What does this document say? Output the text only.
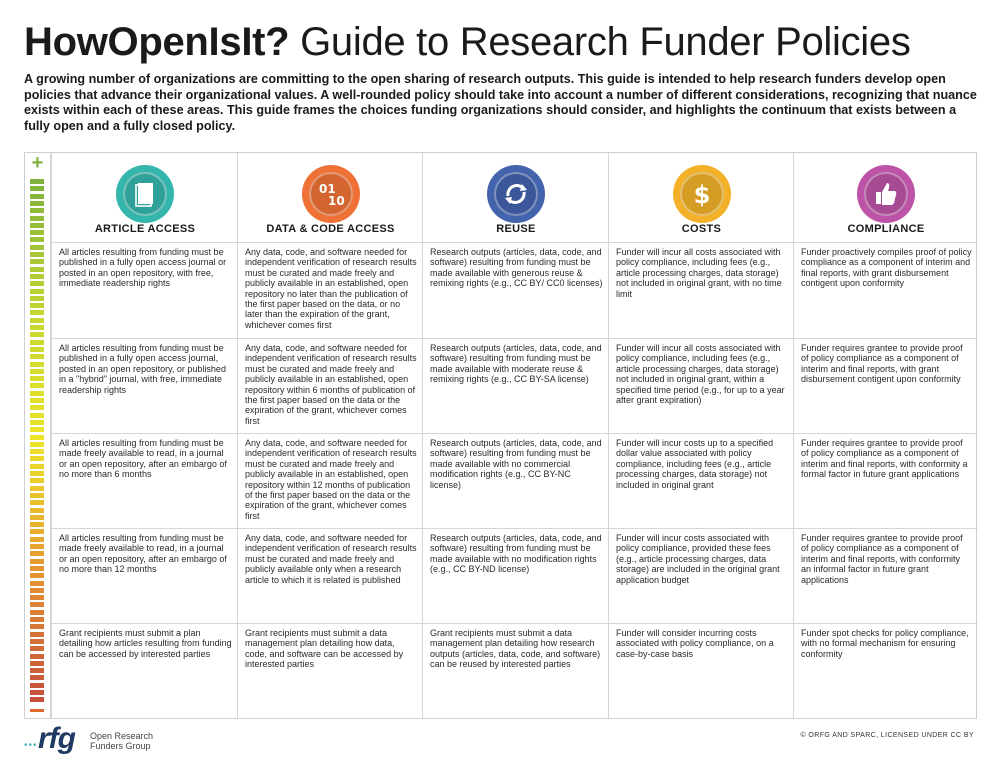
HowOpenIsIt? Guide to Research Funder Policies
A growing number of organizations are committing to the open sharing of research outputs. This guide is intended to help research funders develop open policies that advance their organizational values. A well-rounded policy should take into account a number of different considerations, recognizing that nuance exists within each of these areas. This guide frames the choices funding organizations should consider, and highlights the continuum that exists between a fully open and a fully closed policy.
+
ARTICLE ACCESS
All articles resulting from funding must be published in a fully open access journal or posted in an open repository, with free, immediate readership rights
All articles resulting from funding must be published in a fully open access journal, posted in an open repository, or published in a "hybrid" journal, with free, immediate readership rights
All articles resulting from funding must be made freely available to read, in a journal or an open repository, after an embargo of no more than 6 months
All articles resulting from funding must be made freely available to read, in a journal or an open repository, after an embargo of no more than 12 months
Grant recipients must submit a plan detailing how articles resulting from funding can be accessed by interested parties
01
10
DATA & CODE ACCESS
Any data, code, and software needed for independent verification of research results must be curated and made freely and publicly available in an established, open repository no later than the publication of the first paper based on the data, or no later than the expiration of the grant, whichever comes first
Any data, code, and software needed for independent verification of research results must be curated and made freely and publicly available in an established, open repository within 6 months of publication of the first paper based on the data or the expiration of the grant, whichever comes first
Any data, code, and software needed for independent verification of research results must be curated and made freely and publicly available in an established, open repository within 12 months of publication of the first paper based on the data or the expiration of the grant, whichever comes first
Any data, code, and software needed for independent verification of research results must be curated and made freely and publicly available only when a research article to which it is related is published
Grant recipients must submit a data management plan detailing how data, code, and software can be accessed by interested parties
REUSE
Research outputs (articles, data, code, and software) resulting from funding must be made available with generous reuse & remixing rights (e.g., CC BY/ CC0 licenses)
Research outputs (articles, data, code, and software) resulting from funding must be made available with moderate reuse & remixing rights (e.g., CC BY-SA license)
Research outputs (articles, data, code, and software) resulting from funding must be made available with no commercial modification rights (e.g., CC BY-NC license)
Research outputs (articles, data, code, and software) resulting from funding must be made available with no modification rights (e.g., CC BY-ND license)
Grant recipients must submit a data management plan detailing how research outputs (articles, data, code, and software) can be reused by interested parties
$
COSTS
Funder will incur all costs associated with policy compliance, including fees (e.g., article processing charges, data storage) not included in original grant, with no time limit
Funder will incur all costs associated with policy compliance, including fees (e.g., article processing charges, data storage) not included in original grant, within a specified time period (e.g., for up to a year after grant expiration)
Funder will incur costs up to a specified dollar value associated with policy compliance, including fees (e.g., article processing charges, data storage) not included in original grant
Funder will incur costs associated with policy compliance, provided these fees (e.g., article processing charges, data storage) are included in the original grant application budget
Funder will consider incurring costs associated with policy compliance, on a case-by-case basis
COMPLIANCE
Funder proactively compiles proof of policy compliance as a component of interim and final reports, with grant disbursement contigent upon conformity
Funder requires grantee to provide proof of policy compliance as a component of interim and final reports, with grant disbursement contigent upon conformity
Funder requires grantee to provide proof of policy compliance as a component of interim and final reports, with conformity a formal factor in future grant applications
Funder requires grantee to provide proof of policy compliance as a component of interim and final reports, with conformity an informal factor in future grant applications
Funder spot checks for policy compliance, with no formal mechanism for ensuring conformity
••• rfg Open Research
Funders Group
© ORFG AND SPARC, LICENSED UNDER CC BY
